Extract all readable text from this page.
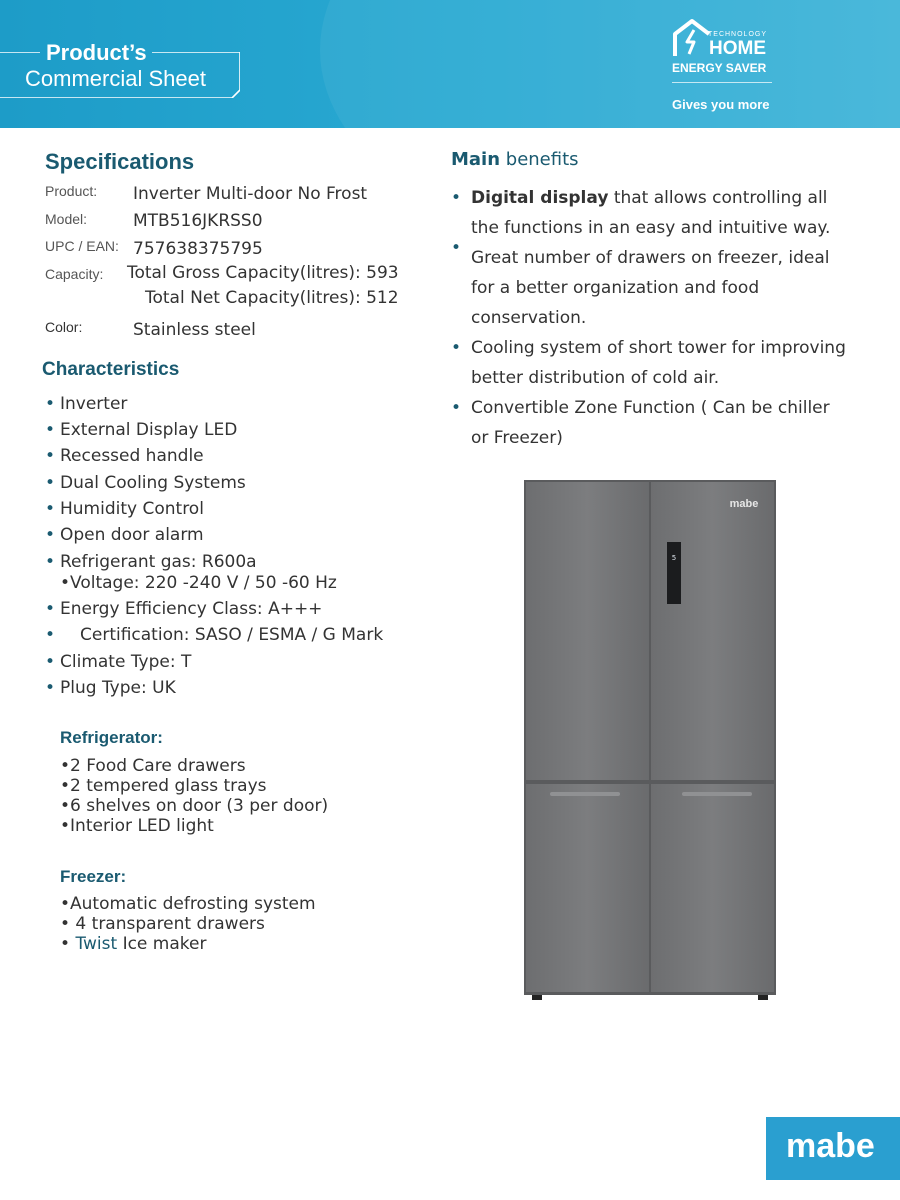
Product’s
Commercial Sheet
TECHNOLOGY
HOME
ENERGY SAVER
Gives you more
Specifications
Product: Inverter Multi-door No Frost
Model:	MTB516JKRSS0
UPC / EAN: 757638375795
Capacity: Total Gross Capacity(litres): 593
Total Net Capacity(litres): 512
Color:	Stainless steel
Characteristics
• Inverter
• External Display LED
• Recessed handle
• Dual Cooling Systems
• Humidity Control
• Open door alarm
• Refrigerant gas: R600a
•Voltage: 220 -240 V / 50 -60 Hz
• Energy Efficiency Class: A+++
• Certification: SASO / ESMA / G Mark
• Climate Type: T
• Plug Type: UK
Refrigerator:
•2 Food Care drawers
•2 tempered glass trays
•6 shelves on door (3 per door)
•Interior LED light
Freezer:
•Automatic defrosting system
• 4 transparent drawers
• Twist Ice maker
Main benefits
• Digital display that allows controlling all the functions in an easy and intuitive way.
• Great number of drawers on freezer, ideal for a better organization and food conservation.
• Cooling system of short tower for improving better distribution of cold air.
• Convertible Zone Function ( Can be chiller or Freezer)
5
mabe
mabe
